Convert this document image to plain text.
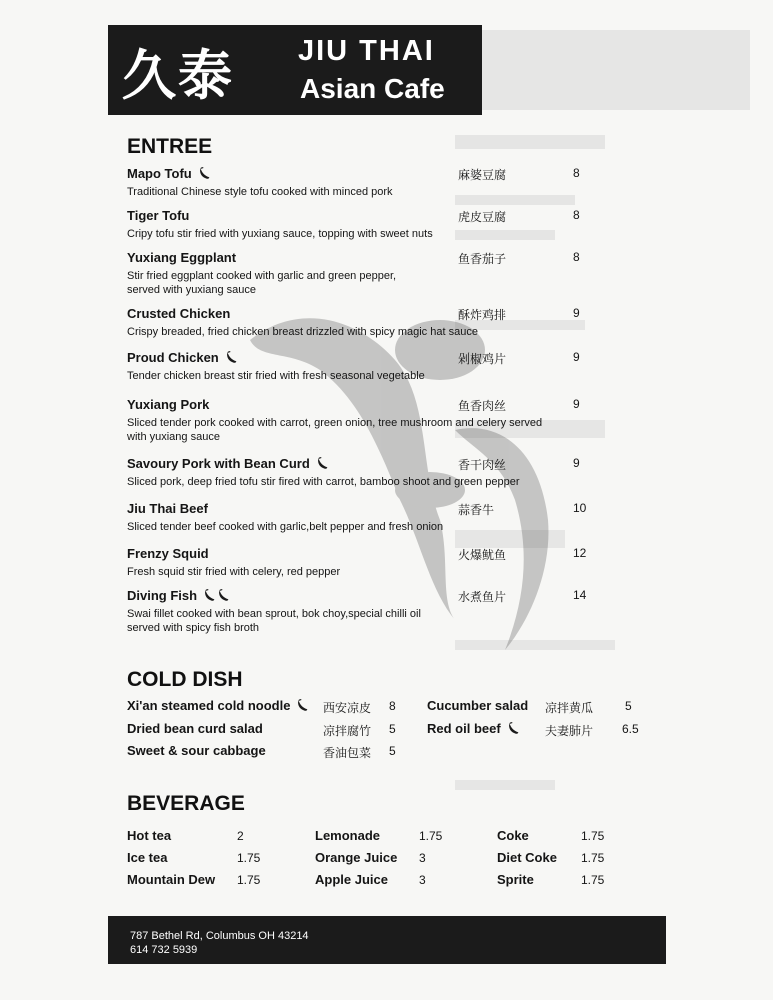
久泰 JIU THAI
Asian Cafe
ENTREE
Mapo Tofu
Traditional Chinese style tofu cooked with minced pork
麻婆豆腐	8
Tiger Tofu
Cripy tofu stir fried with yuxiang sauce, topping with sweet nuts
虎皮豆腐	8
Yuxiang Eggplant
Stir fried eggplant cooked with garlic and green pepper, served with yuxiang sauce
鱼香茄子	8
Crusted Chicken
Crispy breaded, fried chicken breast drizzled with spicy magic hat sauce
酥炸鸡排	9
Proud Chicken
Tender chicken breast stir fried with fresh seasonal vegetable
剁椒鸡片	9
Yuxiang Pork
Sliced tender pork cooked with carrot, green onion, tree mushroom and celery served with yuxiang sauce
鱼香肉丝	9
Savoury Pork with Bean Curd
Sliced pork, deep fried tofu stir fired with carrot, bamboo shoot and green pepper
香干肉丝	9
Jiu Thai Beef
Sliced tender beef cooked with garlic,belt pepper and fresh onion
蒜香牛	10
Frenzy Squid
Fresh squid stir fried with celery, red pepper
火爆鱿鱼	12
Diving Fish
Swai fillet cooked with bean sprout, bok choy,special chilli oil served with spicy fish broth
水煮鱼片	14
COLD DISH
Xi'an steamed cold noodle	西安凉皮 8
Dried bean curd salad	凉拌腐竹 5
Sweet & sour cabbage	香油包菜 5
Cucumber salad 凉拌黄瓜	5
Red oil beef	夫妻肺片 6.5
BEVERAGE
Hot tea	2
Ice tea	1.75
Mountain Dew 1.75
Lemonade	1.75
Orange Juice 3
Apple Juice	3
Coke	1.75
Diet Coke 1.75
Sprite	1.75
787 Bethel Rd, Columbus OH 43214
614 732 5939
